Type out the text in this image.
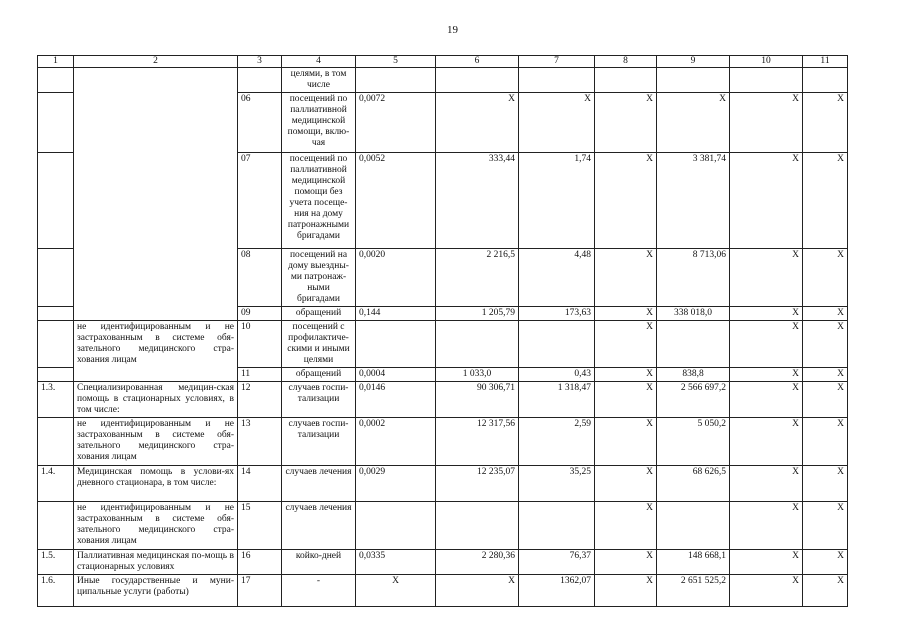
19
1	2	3	4	5	6	7	8	9	10	11
			целями, в том числе							
		06	посещений по паллиативной медицинской помощи, вклю-чая	0,0072	Х	Х	Х	Х	Х	Х
		07	посещений по паллиативной медицинской помощи без учета посеще-ния на дому патронажными бригадами	0,0052	333,44	1,74	Х	3 381,74	Х	Х
		08	посещений на дому выездны-ми патронаж-ными бригадами	0,0020	2 216,5	4,48	Х	8 713,06	Х	Х
		09	обращений	0,144	1 205,79	173,63	Х	338 018,0	Х	Х
	не идентифицированным и не застрахованным в системе обя-зательного медицинского стра-хования лицам	10	посещений с профилактиче-скими и иными целями				Х		Х	Х
		11	обращений	0,0004	1 033,0	0,43	Х	838,8	Х	Х
1.3.	Специализированная медицин-ская помощь в стационарных условиях, в том числе:	12	случаев госпи-тализации	0,0146	90 306,71	1 318,47	Х	2 566 697,2	Х	Х
	не идентифицированным и не застрахованным в системе обя-зательного медицинского стра-хования лицам	13	случаев госпи-тализации	0,0002	12 317,56	2,59	Х	5 050,2	Х	Х
1.4.	Медицинская помощь в услови-ях дневного стационара, в том числе:	14	случаев лечения	0,0029	12 235,07	35,25	Х	68 626,5	Х	Х
	не идентифицированным и не застрахованным в системе обя-зательного медицинского стра-хования лицам	15	случаев лечения				Х		Х	Х
1.5.	Паллиативная медицинская по-мощь в стационарных условиях	16	койко-дней	0,0335	2 280,36	76,37	Х	148 668,1	Х	Х
1.6.	Иные государственные и муни-ципальные услуги (работы)	17	-	Х	Х	1362,07	Х	2 651 525,2	Х	Х
